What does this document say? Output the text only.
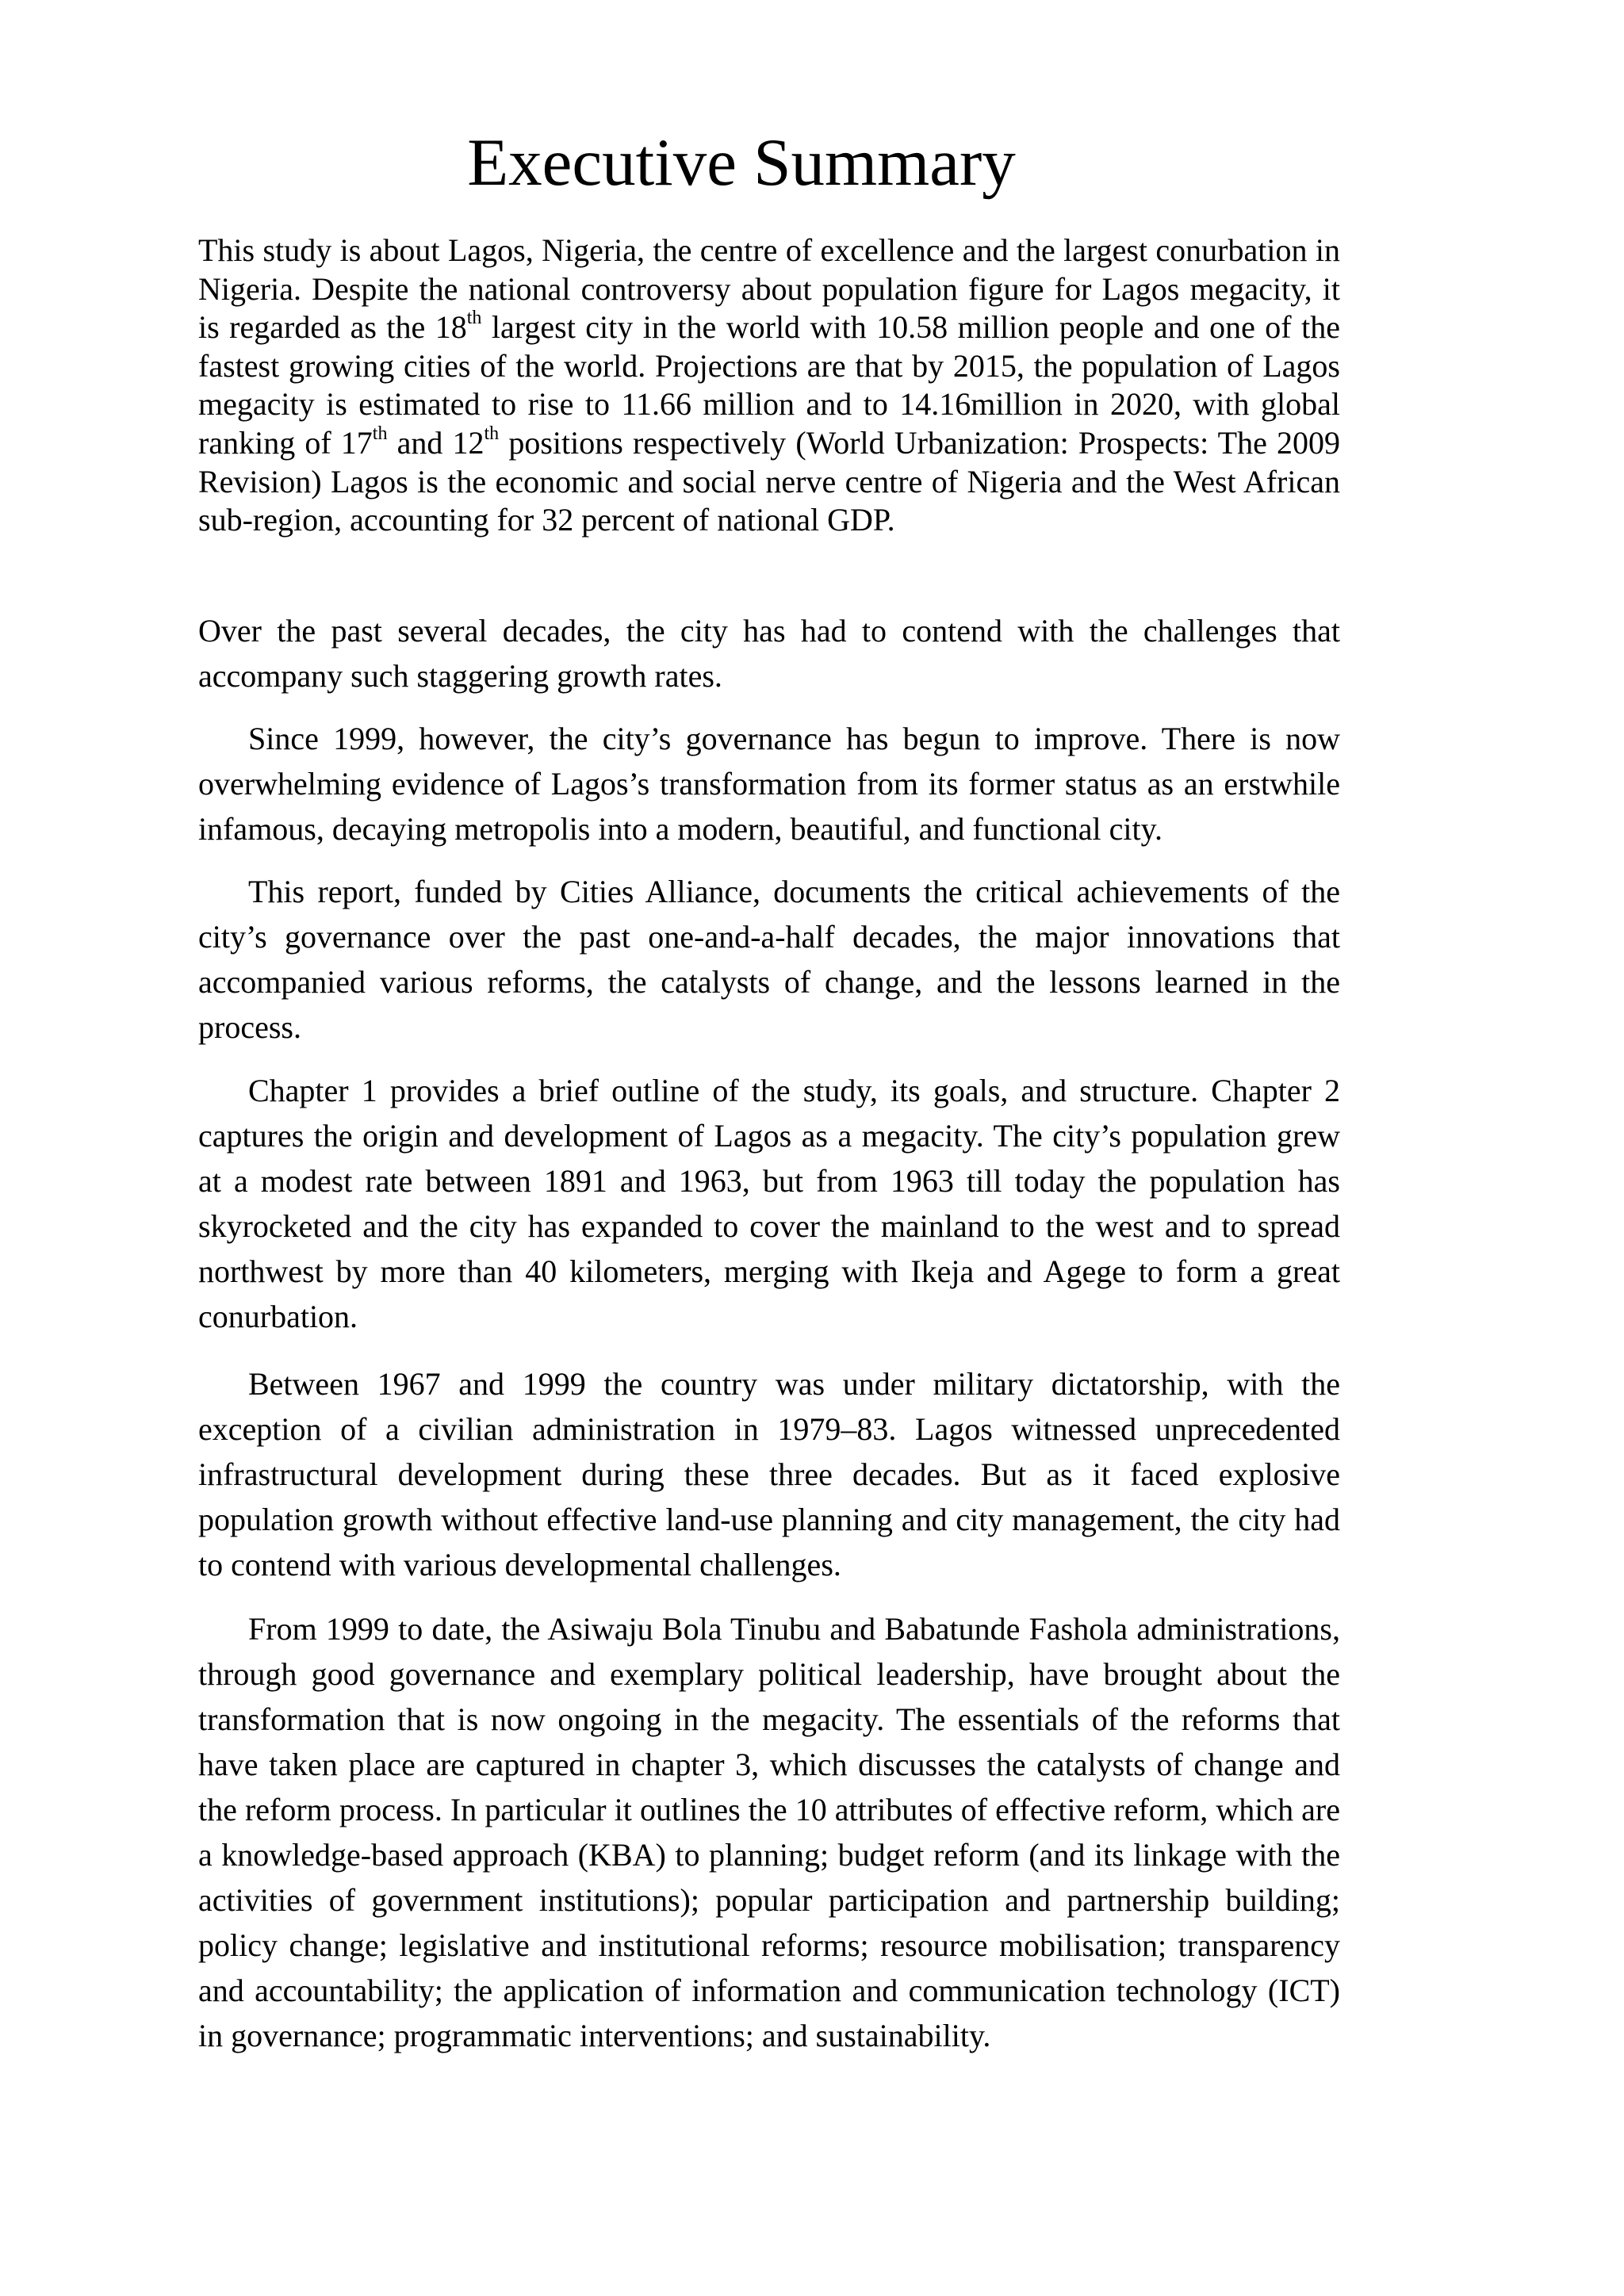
Executive Summary

This study is about Lagos, Nigeria, the centre of excellence and the largest conurbation in Nigeria. Despite the national controversy about population figure for Lagos megacity, it is regarded as the 18th largest city in the world with 10.58 million people and one of the fastest growing cities of the world. Projections are that by 2015, the population of Lagos megacity is estimated to rise to 11.66 million and to 14.16million in 2020, with global ranking of 17th and 12th positions respectively (World Urbanization: Prospects: The 2009 Revision) Lagos is the economic and social nerve centre of Nigeria and the West African sub-region, accounting for 32 percent of national GDP.

Over the past several decades, the city has had to contend with the challenges that accompany such staggering growth rates.

Since 1999, however, the city’s governance has begun to improve. There is now overwhelming evidence of Lagos’s transformation from its former status as an erstwhile infamous, decaying metropolis into a modern, beautiful, and functional city.

This report, funded by Cities Alliance, documents the critical achievements of the city’s governance over the past one-and-a-half decades, the major innovations that accompanied various reforms, the catalysts of change, and the lessons learned in the process.

Chapter 1 provides a brief outline of the study, its goals, and structure. Chapter 2 captures the origin and development of Lagos as a megacity. The city’s population grew at a modest rate between 1891 and 1963, but from 1963 till today the population has skyrocketed and the city has expanded to cover the mainland to the west and to spread northwest by more than 40 kilometers, merging with Ikeja and Agege to form a great conurbation.

Between 1967 and 1999 the country was under military dictatorship, with the exception of a civilian administration in 1979–83. Lagos witnessed unprecedented infrastructural development during these three decades. But as it faced explosive population growth without effective land-use planning and city management, the city had to contend with various developmental challenges.

From 1999 to date, the Asiwaju Bola Tinubu and Babatunde Fashola administrations, through good governance and exemplary political leadership, have brought about the transformation that is now ongoing in the megacity. The essentials of the reforms that have taken place are captured in chapter 3, which discusses the catalysts of change and the reform process. In particular it outlines the 10 attributes of effective reform, which are a knowledge-based approach (KBA) to planning; budget reform (and its linkage with the activities of government institutions); popular participation and partnership building; policy change; legislative and institutional reforms; resource mobilisation; transparency and accountability; the application of information and communication technology (ICT) in governance; programmatic interventions; and sustainability.
